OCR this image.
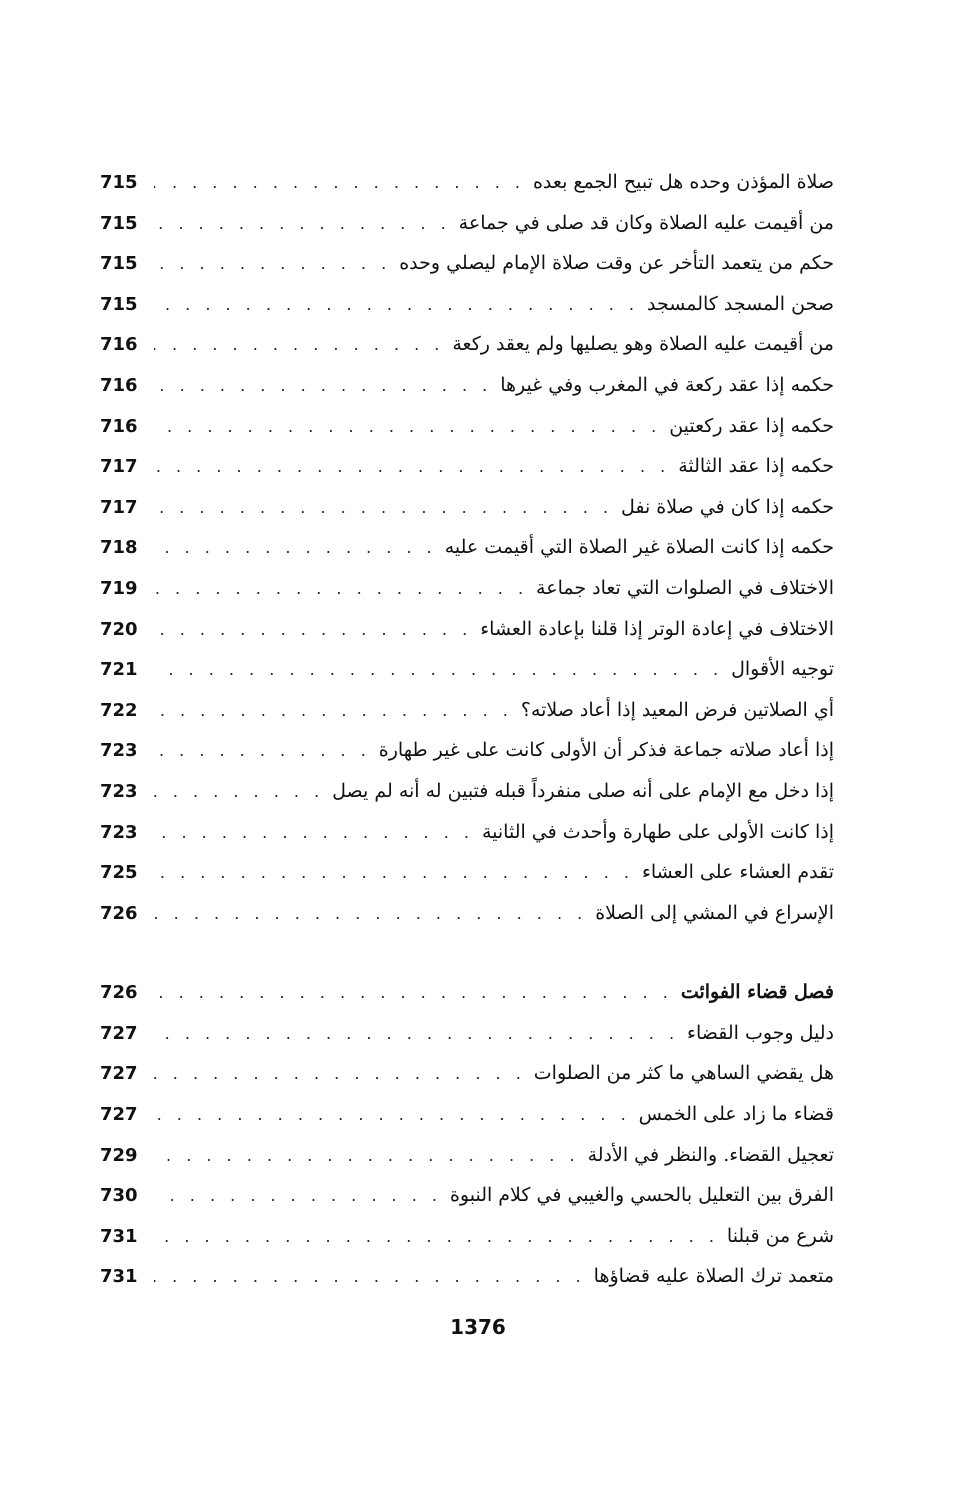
صلاة المؤذن وحده هل تبيح الجمع بعده
. . .
715
من أقيمت عليه الصلاة وكان قد صلى في جماعة
. . .
715
حكم من يتعمد التأخر عن وقت صلاة الإمام ليصلي وحده
. . .
715
صحن المسجد كالمسجد
. . .
715
من أقيمت عليه الصلاة وهو يصليها ولم يعقد ركعة
. . .
716
حكمه إذا عقد ركعة في المغرب وفي غيرها
. . .
716
حكمه إذا عقد ركعتين
. . .
716
حكمه إذا عقد الثالثة
. . .
717
حكمه إذا كان في صلاة نفل
. . .
717
حكمه إذا كانت الصلاة غير الصلاة التي أقيمت عليه
. . .
718
الاختلاف في الصلوات التي تعاد جماعة
. . .
719
الاختلاف في إعادة الوتر إذا قلنا بإعادة العشاء
. . .
720
توجيه الأقوال
. . .
721
أي الصلاتين فرض المعيد إذا أعاد صلاته؟
. . .
722
إذا أعاد صلاته جماعة فذكر أن الأولى كانت على غير طهارة
. . .
723
إذا دخل مع الإمام على أنه صلى منفرداً قبله فتبين له أنه لم يصل
. . .
723
إذا كانت الأولى على طهارة وأحدث في الثانية
. . .
723
تقدم العشاء على العشاء
. . .
725
الإسراع في المشي إلى الصلاة
. . .
726
فصل قضاء الفوائت
. . .
726
دليل وجوب القضاء
. . .
727
هل يقضي الساهي ما كثر من الصلوات
. . .
727
قضاء ما زاد على الخمس
. . .
727
تعجيل القضاء. والنظر في الأدلة
. . .
729
الفرق بين التعليل بالحسي والغيبي في كلام النبوة
. . .
730
شرع من قبلنا
. . .
731
متعمد ترك الصلاة عليه قضاؤها
. . .
731
1376
